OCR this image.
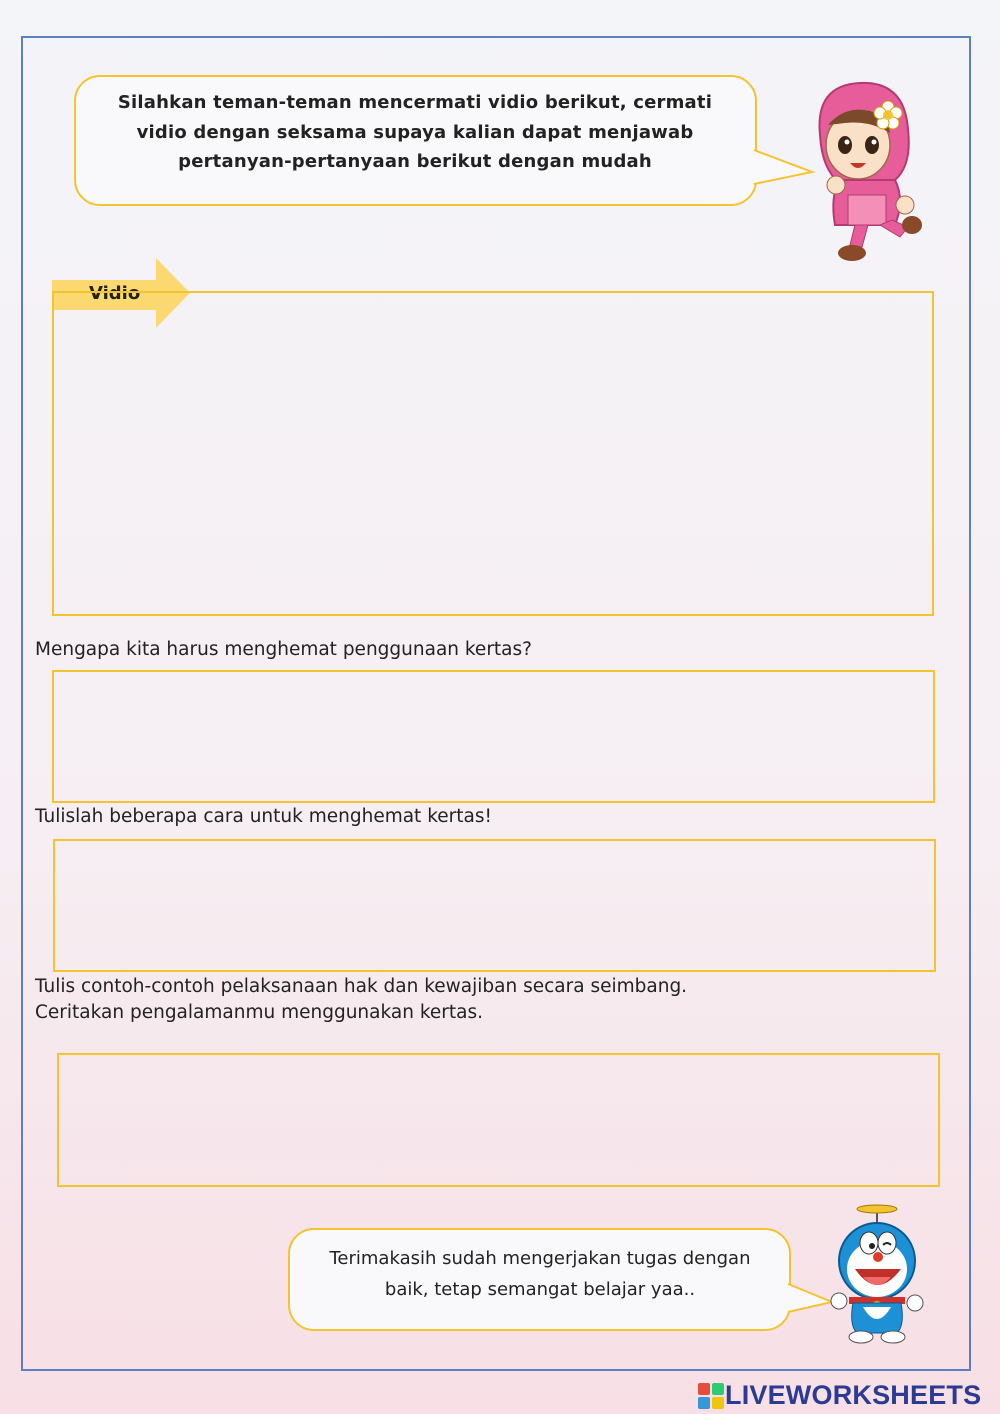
Silahkan teman-teman mencermati vidio berikut, cermati vidio dengan seksama supaya kalian dapat menjawab pertanyan-pertanyaan berikut dengan mudah

Vidio

Mengapa kita harus menghemat penggunaan kertas?

Tulislah beberapa cara untuk menghemat kertas!

Tulis contoh-contoh pelaksanaan hak dan kewajiban secara seimbang.

Ceritakan pengalamanmu menggunakan kertas.

Terimakasih sudah mengerjakan tugas dengan baik, tetap semangat belajar yaa..

LIVEWORKSHEETS
